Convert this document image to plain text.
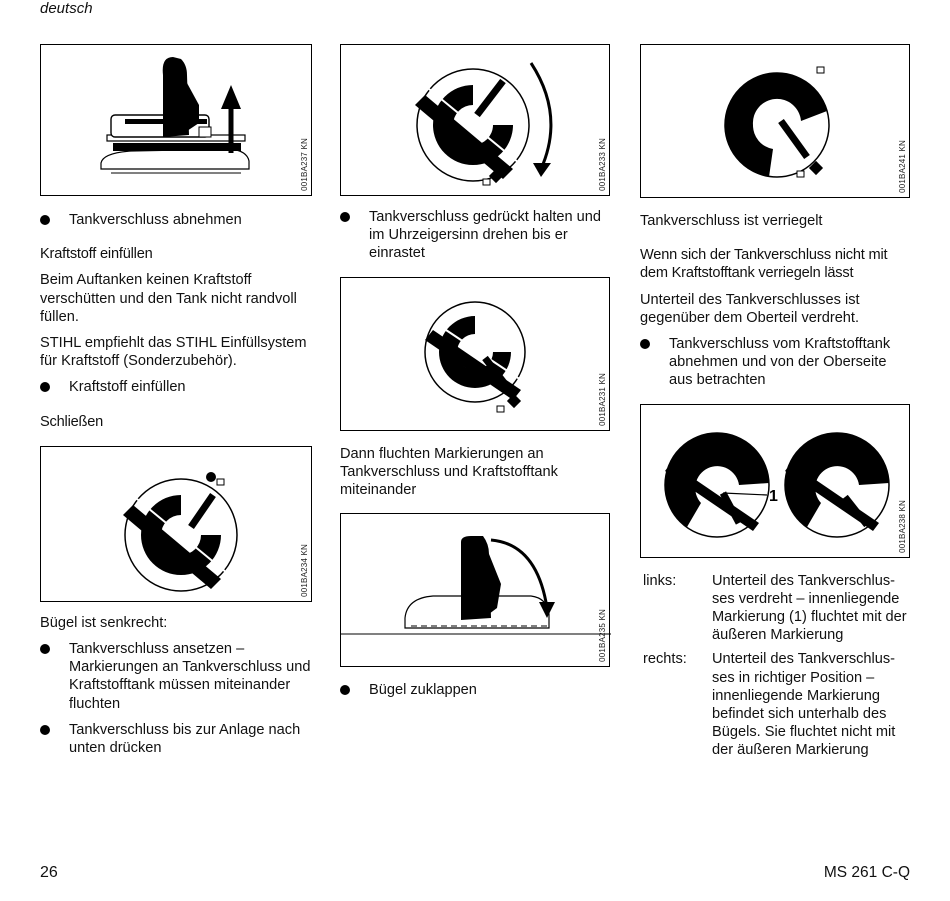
deutsch
001BA237 KN

Tankverschluss abnehmen

Kraftstoff einfüllen

Beim Auftanken keinen Kraftstoff verschütten und den Tank nicht randvoll füllen.

STIHL empfiehlt das STIHL Einfüllsystem für Kraftstoff (Sonderzubehör).

Kraftstoff einfüllen

Schließen

001BA234 KN

Bügel ist senkrecht:

Tankverschluss ansetzen – Markierungen an Tankverschluss und Kraftstofftank müssen miteinander fluchten

Tankverschluss bis zur Anlage nach unten drücken

001BA233 KN

Tankverschluss gedrückt halten und im Uhrzeigersinn drehen bis er einrastet

001BA231 KN

Dann fluchten Markierungen an Tankverschluss und Kraftstofftank miteinander

001BA235 KN

Bügel zuklappen

001BA241 KN

Tankverschluss ist verriegelt

Wenn sich der Tankverschluss nicht mit dem Kraftstofftank verriegeln lässt

Unterteil des Tankverschlusses ist gegenüber dem Oberteil verdreht.

Tankverschluss vom Kraftstofftank abnehmen und von der Oberseite aus betrachten

1
001BA238 KN
links:	Unterteil des Tankverschlus-ses verdreht – innenliegende Markierung (1) fluchtet mit der äußeren Markierung
rechts:	Unterteil des Tankverschlus-ses in richtiger Position – innenliegende Markierung befindet sich unterhalb des Bügels. Sie fluchtet nicht mit der äußeren Markierung
26	MS 261 C-Q
